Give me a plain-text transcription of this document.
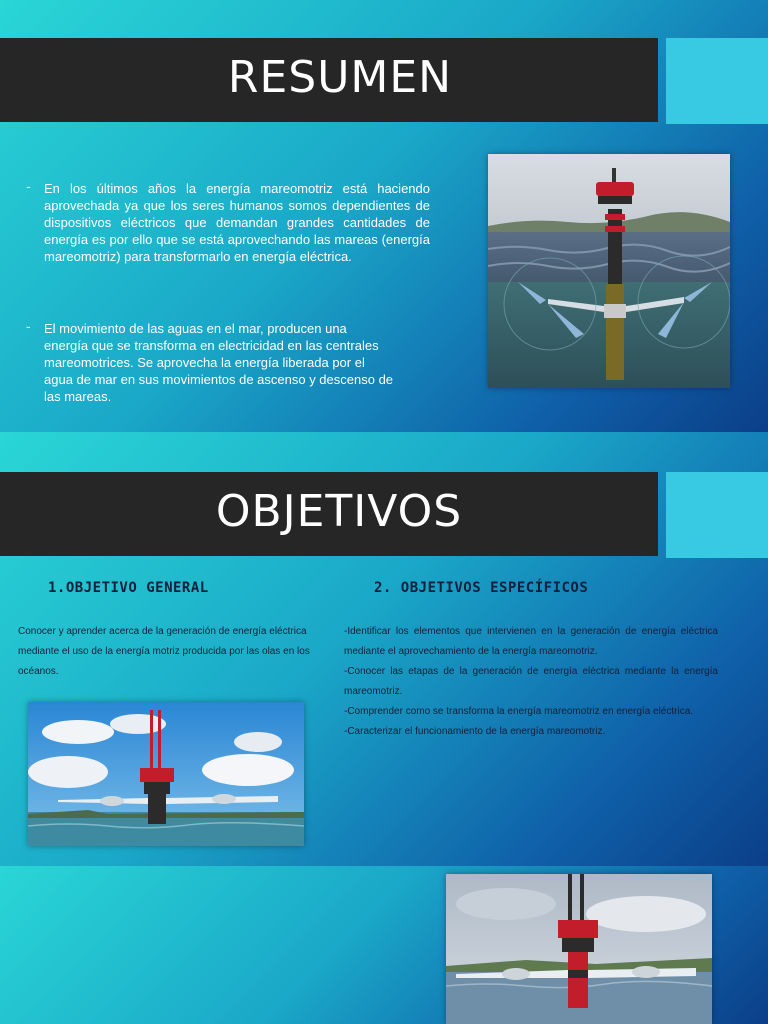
RESUMEN
- En los últimos años la energía mareomotriz está haciendo aprovechada ya que los seres humanos somos dependientes de dispositivos eléctricos que demandan grandes cantidades de energía es por ello que se está aprovechando las mareas (energía mareomotriz) para transformarlo en energía eléctrica.
- El movimiento de las aguas en el mar, producen una energía que se transforma en electricidad en las centrales mareomotrices. Se aprovecha la energía liberada por el agua de mar en sus movimientos de ascenso y descenso de las mareas.
OBJETIVOS
1.OBJETIVO GENERAL	2. OBJETIVOS ESPECÍFICOS
Conocer y aprender acerca de la generación de energía eléctrica mediante el uso de la energía motriz producida por las olas en los océanos.
-Identificar los elementos que intervienen en la generación de energía eléctrica mediante el aprovechamiento de la energía mareomotriz.
-Conocer las etapas de la generación de energía eléctrica mediante la energía mareomotriz.
-Comprender como se transforma la energía mareomotriz en energía eléctrica.
-Caracterizar el funcionamiento de la energía mareomotriz.
